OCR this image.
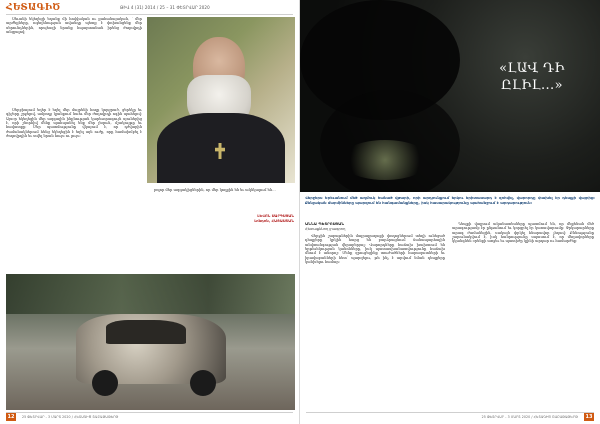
ՀԵՏԱԳԻԾ	ԹԻՎ 4 (31) 2014 / 25 – 31 ՓԵՏՐՎԱՐ 2020

Սեւանի եկեղեցի եղանք մի հովվական ու քահանայական, ՝ մեր արժեքները, ոգեղենության ավանդը պետք է փոխանցենք մեր սերունդներին, որպեսզի նրանք հպարտանան իրենց ժողովրդի անցյալով:

Սերբիայում եղեր է եղել մեր մայրենի հողը կորցրած, ցերեկը եւ գիշերը շրջելով, ամբողջ կյանքում նաեւ մեր ժողովրդի ոգին պահելով: Այսօր եկեղեցին մեր ազգային ինքնության կարեւորագույն սյուներից է, որի շնորհիվ մենք պահպանել ենք մեր լեզուն, մշակույթը եւ հավատքը: Մեր պատմությունը վկայում է, որ դժվարին ժամանակներում հենց եկեղեցին է եղել այն ուժը, որը համախմբել է ժողովրդին եւ տվել նրան հույս ու լույս:

բոլոր մեր ազգակիցներին, որ մեր կողքին են եւ ակնկալում են…

ԼԵՎՈՆ ՍԱՐԳՍՅԱՆ
Լոնդոն, ՀԱՅԱՍՏԱՆ
12	25 ՓԵՏՐՎԱՐ - 3 ՄԱՐՏ 2020 / ՀԵՏԱԳԻԾ ՇԱԲԱԹԱԹԵՐԹ
«ԼԱՎ ԴԻ
ԸԼԻԼ...»
Վերջերս Երեւանում մեծ աղմուկ հանած վթարի, որի արդյունքում երկու երիտասարդ է զոհվել, վարորդը փախել էր դեպքի վայրից: Քննչական մարմինները պարզում են հանգամանքները, իսկ հասարակությունը պահանջում է արդարություն:
ԱՆՆԱ ՊԵՏՐՈՍՅԱՆ
Հետաքննող լրագրող

Վերջին շաբաթներին մայրաքաղաքի փողոցներում տեղի ունեցած դեպքերը կրկին հարց են բարձրացնում ճանապարհային անվտանգության վերաբերյալ: Վարորդները հաճախ խախտում են երթեւեկության կանոնները, իսկ պատասխանատվությունը հաճախ մնում է անորոշ: Մենք զրուցեցինք տուժածների հարազատների եւ իրավաբանների հետ՝ պարզելու, թե ինչ է արվում նման դեպքերը կանխելու համար:

Դեպքի վայրում ականատեսները պատմում են, որ մեքենան մեծ արագությամբ էր ընթանում եւ կորցրել էր կառավարումը: Փրկարարները արագ ժամանեցին, սակայն փրկել հնարավոր չեղավ: Քննությունը շարունակվում է, իսկ հանրությունը սպասում է, որ մեղավորները կկանգնեն օրենքի առջեւ եւ պատիժը կլինի արդար ու համարժեք:

25 ՓԵՏՐՎԱՐ - 3 ՄԱՐՏ 2020 / ՀԵՏԱԳԻԾ ՇԱԲԱԹԱԹԵՐԹ	13
